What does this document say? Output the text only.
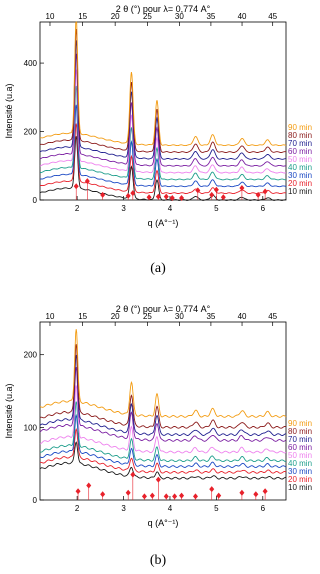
2 θ (°) pour λ= 0,774 A°
10	15	20	25	30	35	40	45
2	3	4	5	6
0
200
400
q (A°⁻¹)
Intensité (u.a)
10 min
20 min
30 min
40 min
50 min
60 min
70 min
80 min
90 min
(a)
2 θ (°) pour λ= 0,774 A°
10	15	20	25	30	35	40	45
2	3	4	5	6
0
100
200
q (A°⁻¹)
Intensité (u.a)
10 min
20 min
30 min
40 min
50 min
60 min
70 min
80 min
90 min
(b)
